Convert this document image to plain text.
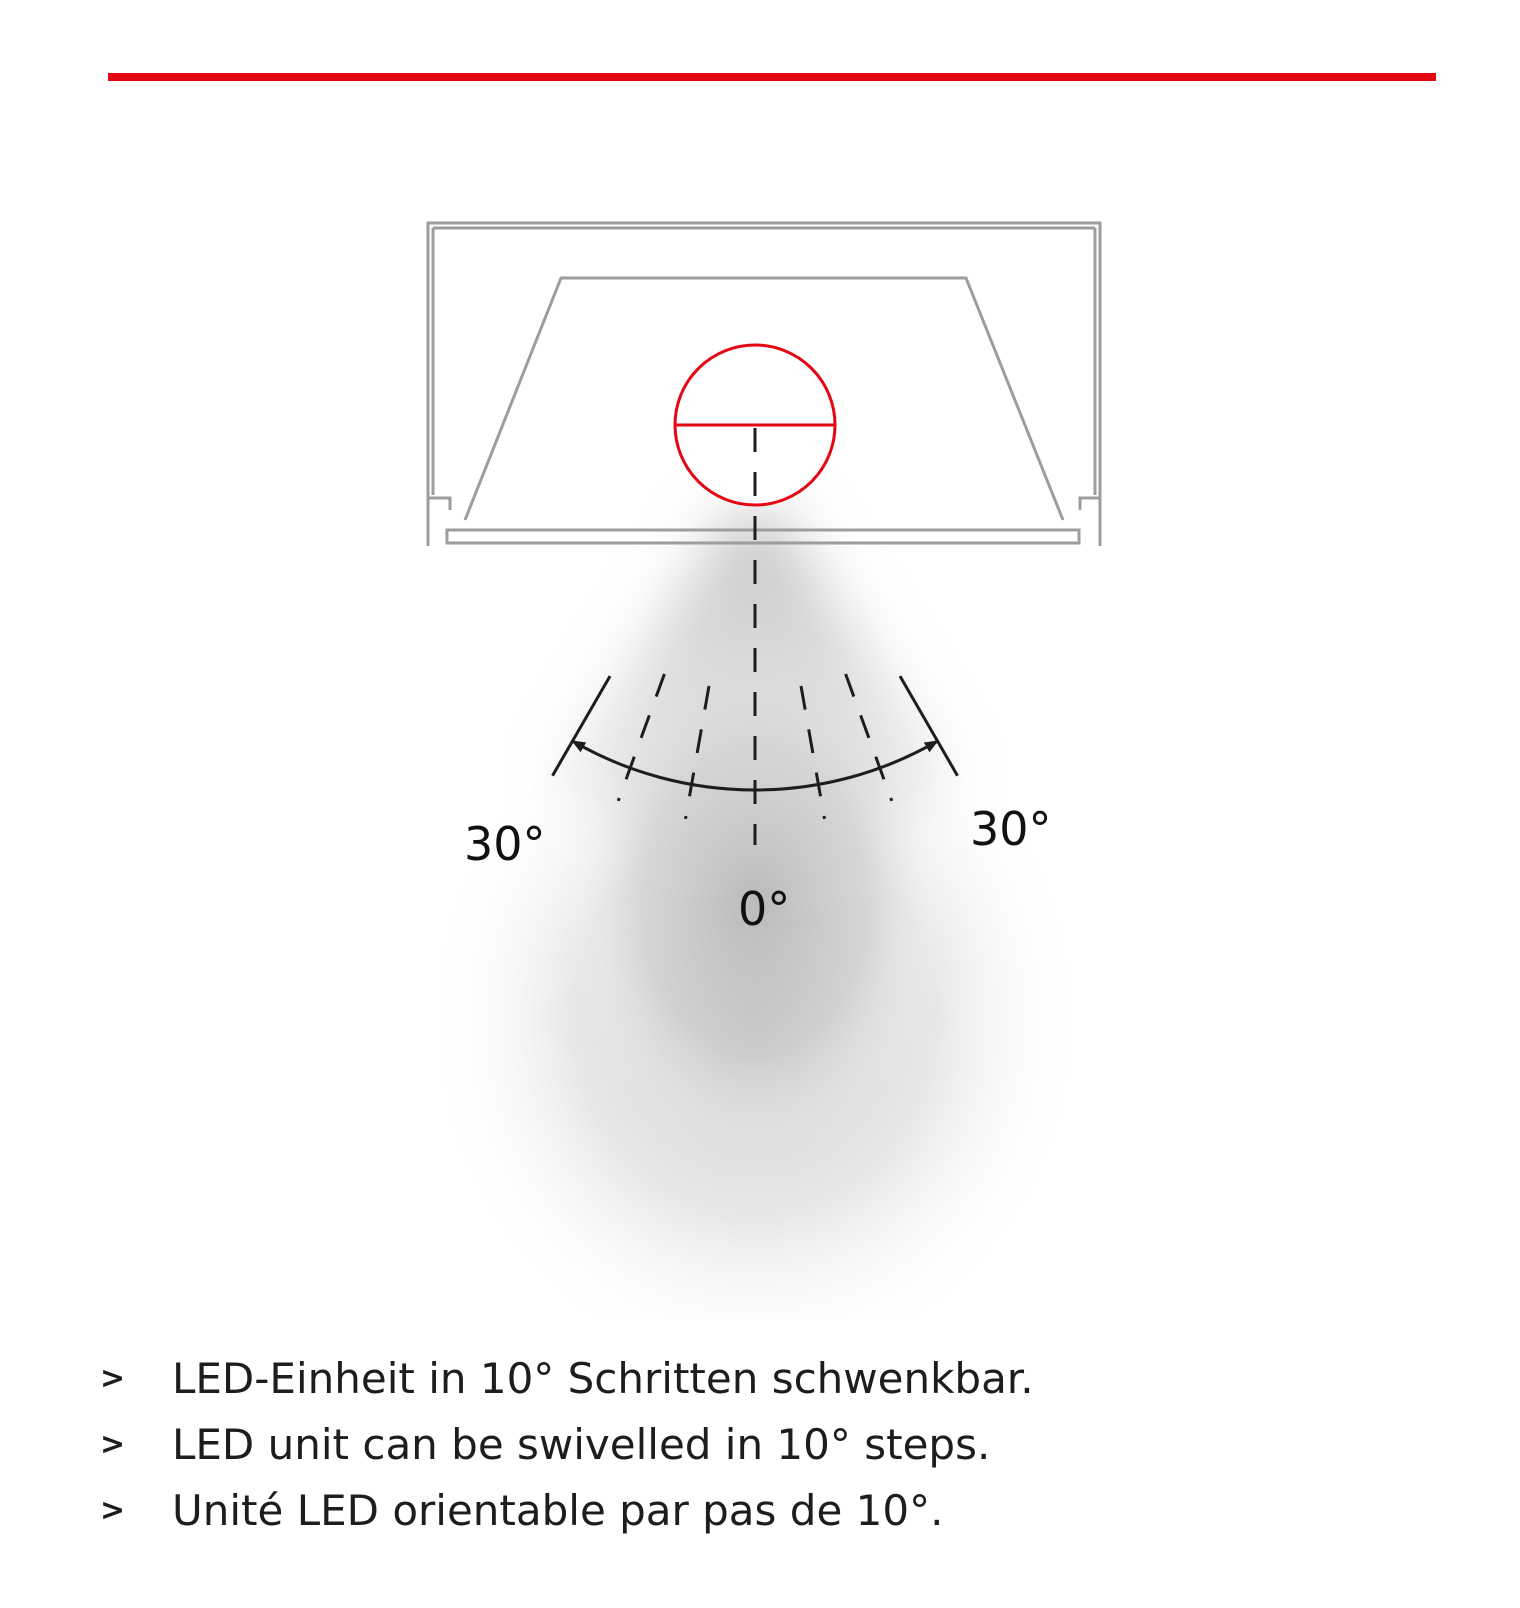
30°	30°
0°
>	LED-Einheit in 10° Schritten schwenkbar.
>	LED unit can be swivelled in 10° steps.
>	Unité LED orientable par pas de 10°.
